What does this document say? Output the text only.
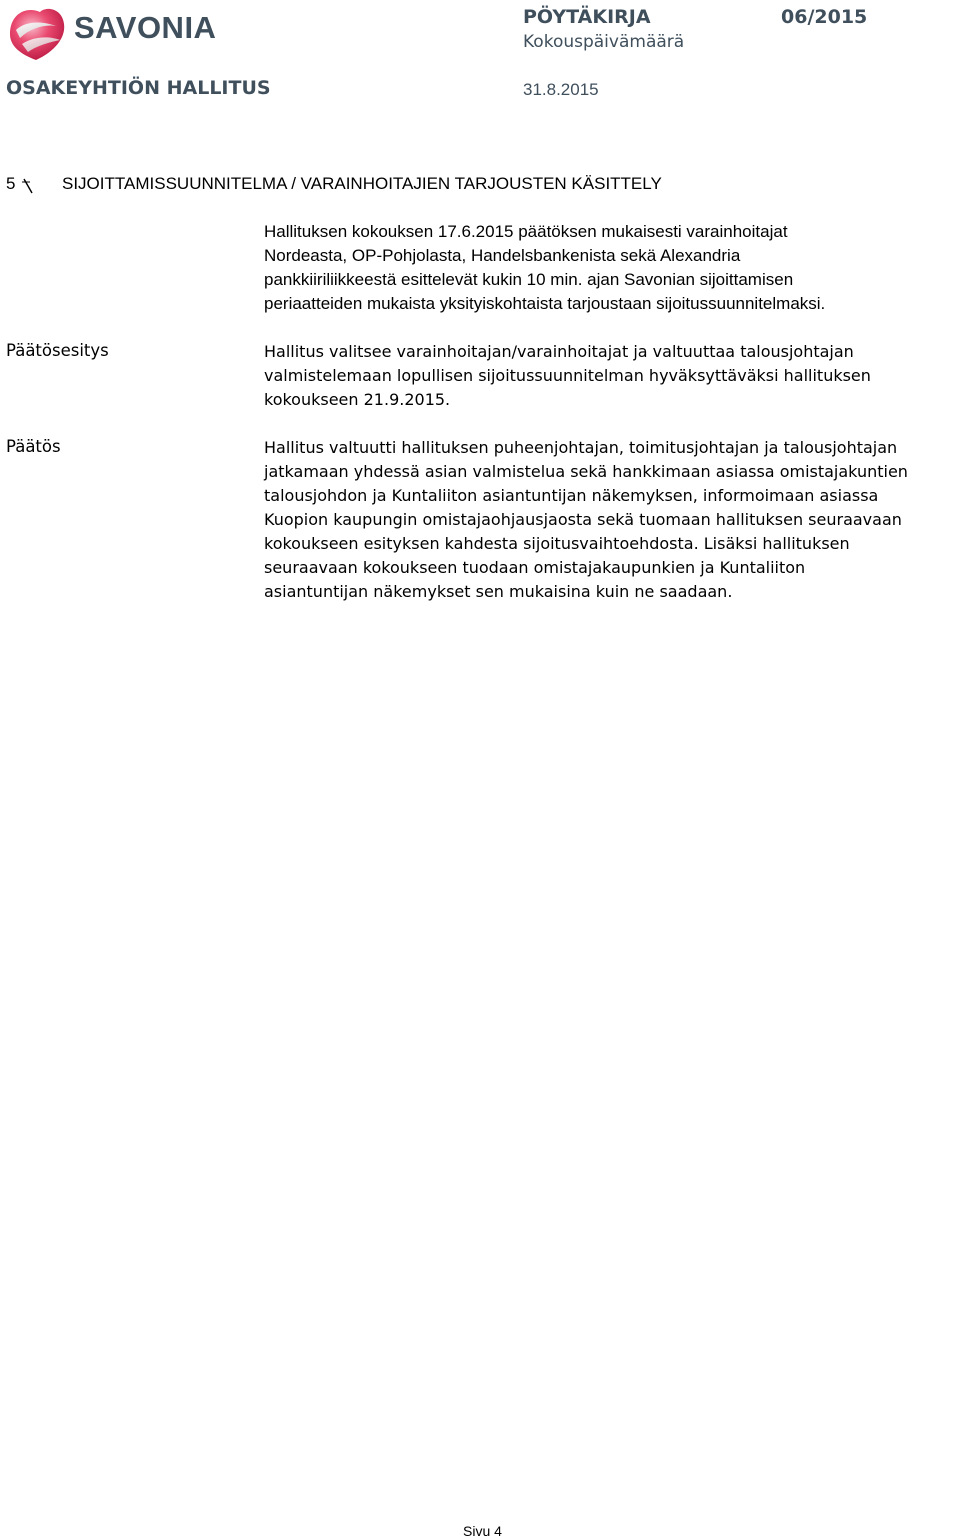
SAVONIA	PÖYTÄKIRJA	06/2015
Kokouspäivämäärä
OSAKEYHTIÖN HALLITUS	31.8.2015
5	SIJOITTAMISSUUNNITELMA / VARAINHOITAJIEN TARJOUSTEN KÄSITTELY
Hallituksen kokouksen 17.6.2015 päätöksen mukaisesti varainhoitajat
Nordeasta, OP-Pohjolasta, Handelsbankenista sekä Alexandria
pankkiiriliikkeestä esittelevät kukin 10 min. ajan Savonian sijoittamisen
periaatteiden mukaista yksityiskohtaista tarjoustaan sijoitussuunnitelmaksi.
Päätösesitys	Hallitus valitsee varainhoitajan/varainhoitajat ja valtuuttaa talousjohtajan
valmistelemaan lopullisen sijoitussuunnitelman hyväksyttäväksi hallituksen
kokoukseen 21.9.2015.
Päätös	Hallitus valtuutti hallituksen puheenjohtajan, toimitusjohtajan ja talousjohtajan
jatkamaan yhdessä asian valmistelua sekä hankkimaan asiassa omistajakuntien
talousjohdon ja Kuntaliiton asiantuntijan näkemyksen, informoimaan asiassa
Kuopion kaupungin omistajaohjausjaosta sekä tuomaan hallituksen seuraavaan
kokoukseen esityksen kahdesta sijoitusvaihtoehdosta. Lisäksi hallituksen
seuraavaan kokoukseen tuodaan omistajakaupunkien ja Kuntaliiton
asiantuntijan näkemykset sen mukaisina kuin ne saadaan.
Sivu 4
